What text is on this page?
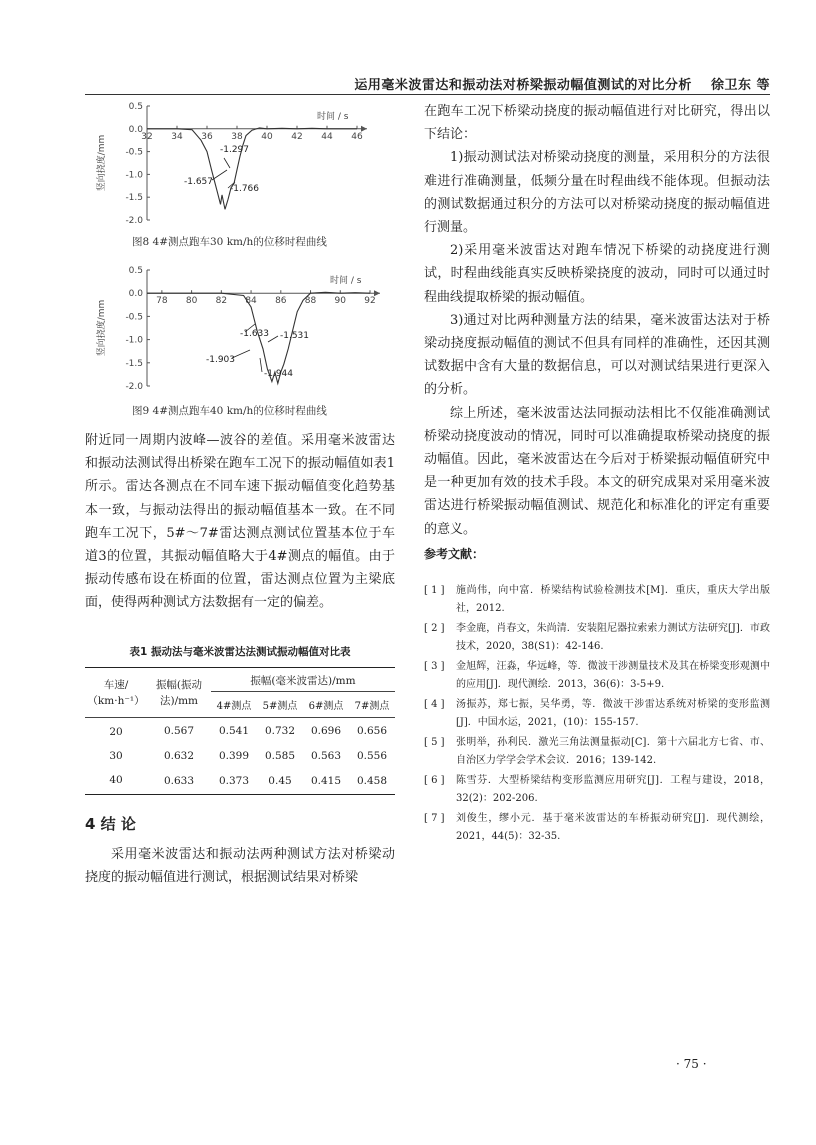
运用毫米波雷达和振动法对桥梁振动幅值测试的对比分析 徐卫东 等
0.5
0.0
-0.5
-1.0
-1.5
-2.0
32 34 36 38 40 42 44 46
时间 / s
竖向挠度/mm	-1.297
-1.657
-1.766
图8 4#测点跑车30 km/h的位移时程曲线
0.5
0.0
-0.5
-1.0
-1.5
-2.0
78 80 82 84 86 88 90 92
时间 / s
竖向挠度/mm	-1.633 -1.531
-1.903
-1.944
图9 4#测点跑车40 km/h的位移时程曲线

附近同一周期内波峰—波谷的差值。采用毫米波雷达和振动法测试得出桥梁在跑车工况下的振动幅值如表1所示。雷达各测点在不同车速下振动幅值变化趋势基本一致，与振动法得出的振动幅值基本一致。在不同跑车工况下，5#～7#雷达测点测试位置基本位于车道3的位置，其振动幅值略大于4#测点的幅值。由于振动传感布设在桥面的位置，雷达测点位置为主梁底面，使得两种测试方法数据有一定的偏差。

表1 振动法与毫米波雷达法测试振动幅值对比表
车速/（km·h⁻¹）	振幅(振动法)/mm	振幅(毫米波雷达)/mm			
		4#测点	5#测点	6#测点	7#测点
20	0.567	0.541	0.732	0.696	0.656
30	0.632	0.399	0.585	0.563	0.556
40	0.633	0.373	0.45	0.415	0.458
4 结 论

采用毫米波雷达和振动法两种测试方法对桥梁动挠度的振动幅值进行测试，根据测试结果对桥梁

在跑车工况下桥梁动挠度的振动幅值进行对比研究，得出以下结论：

1)振动测试法对桥梁动挠度的测量，采用积分的方法很难进行准确测量，低频分量在时程曲线不能体现。但振动法的测试数据通过积分的方法可以对桥梁动挠度的振动幅值进行测量。

2)采用毫米波雷达对跑车情况下桥梁的动挠度进行测试，时程曲线能真实反映桥梁挠度的波动，同时可以通过时程曲线提取桥梁的振动幅值。

3)通过对比两种测量方法的结果，毫米波雷达法对于桥梁动挠度振动幅值的测试不但具有同样的准确性，还因其测试数据中含有大量的数据信息，可以对测试结果进行更深入的分析。

综上所述，毫米波雷达法同振动法相比不仅能准确测试桥梁动挠度波动的情况，同时可以准确提取桥梁动挠度的振动幅值。因此，毫米波雷达在今后对于桥梁振动幅值研究中是一种更加有效的技术手段。本文的研究成果对采用毫米波雷达进行桥梁振动幅值测试、规范化和标准化的评定有重要的意义。

参考文献：
[ 1 ]	施尚伟，向中富．桥梁结构试验检测技术[M]．重庆，重庆大学出版社，2012.
[ 2 ]	李金鹿，肖春文，朱尚清．安装阻尼器拉索索力测试方法研究[J]．市政技术，2020，38(S1)：42-146.
[ 3 ]	金旭辉，汪淼，华远峰，等．微波干涉测量技术及其在桥梁变形观测中的应用[J]．现代测绘．2013，36(6)：3-5+9.
[ 4 ]	汤振苏，郑七振，吴华勇，等．微波干涉雷达系统对桥梁的变形监测[J]．中国水运，2021，(10)：155-157.
[ 5 ]	张明举，孙利民．激光三角法测量振动[C]．第十六届北方七省、市、自治区力学学会学术会议．2016；139-142.
[ 6 ]	陈雪芬．大型桥梁结构变形监测应用研究[J]．工程与建设，2018，32(2)：202-206.
[ 7 ]	刘俊生，缪小元．基于毫米波雷达的车桥振动研究[J]．现代测绘，2021，44(5)：32-35.
· 75 ·
